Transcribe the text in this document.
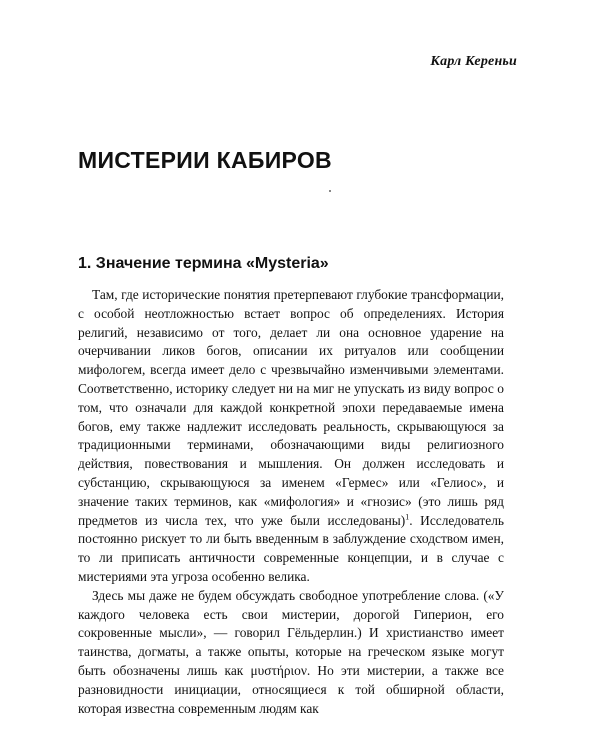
Карл Кереньи
МИСТЕРИИ КАБИРОВ
1. Значение термина «Mysteria»

Там, где исторические понятия претерпевают глубокие трансформации, с особой неотложностью встает вопрос об определениях. История религий, независимо от того, делает ли она основное ударение на очерчивании ликов богов, описании их ритуалов или сообщении мифологем, всегда имеет дело с чрезвычайно изменчивыми элементами. Соответственно, историку следует ни на миг не упускать из виду вопрос о том, что означали для каждой конкретной эпохи передаваемые имена богов, ему также надлежит исследовать реальность, скрывающуюся за традиционными терминами, обозначающими виды религиозного действия, повествования и мышления. Он должен исследовать и субстанцию, скрывающуюся за именем «Гермес» или «Гелиос», и значение таких терминов, как «мифология» и «гнозис» (это лишь ряд предметов из числа тех, что уже были исследованы)$^1$. Исследователь постоянно рискует то ли быть введенным в заблуждение сходством имен, то ли приписать античности современные концепции, и в случае с мистериями эта угроза особенно велика.

Здесь мы даже не будем обсуждать свободное употребление слова. («У каждого человека есть свои мистерии, дорогой Гиперион, его сокровенные мысли», — говорил Гёльдерлин.) И христианство имеет таинства, догматы, а также опыты, которые на греческом языке могут быть обозначены лишь как μυστήριον. Но эти мистерии, а также все разновидности инициации, относящиеся к той обширной области, которая известна современным людям как
